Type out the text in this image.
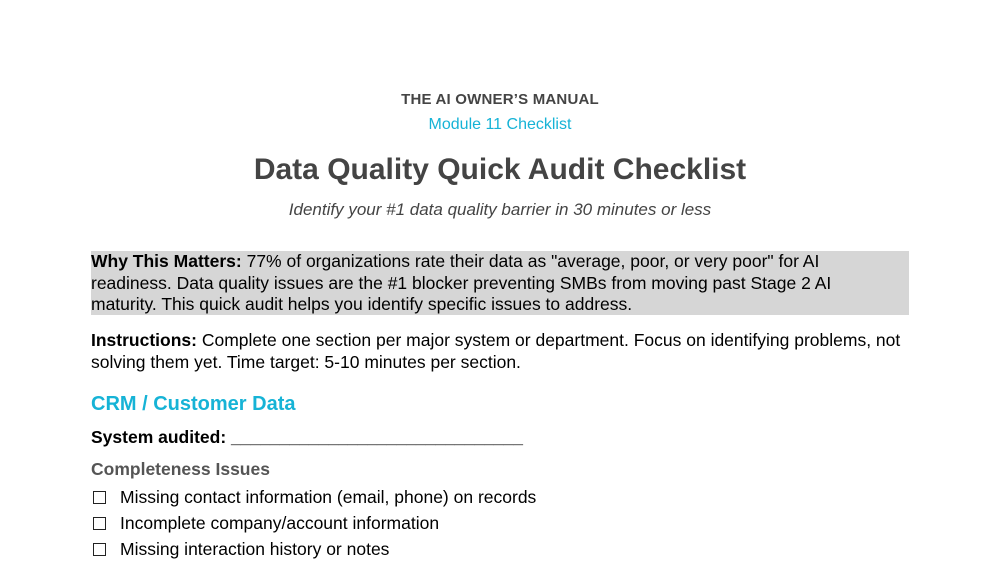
THE AI OWNER’S MANUAL
Module 11 Checklist
Data Quality Quick Audit Checklist
Identify your #1 data quality barrier in 30 minutes or less
Why This Matters: 77% of organizations rate their data as "average, poor, or very poor" for AI readiness. Data quality issues are the #1 blocker preventing SMBs from moving past Stage 2 AI maturity. This quick audit helps you identify specific issues to address.
Instructions: Complete one section per major system or department. Focus on identifying problems, not solving them yet. Time target: 5-10 minutes per section.
CRM / Customer Data
System audited: ______________________________
Completeness Issues
Missing contact information (email, phone) on records
Incomplete company/account information
Missing interaction history or notes
